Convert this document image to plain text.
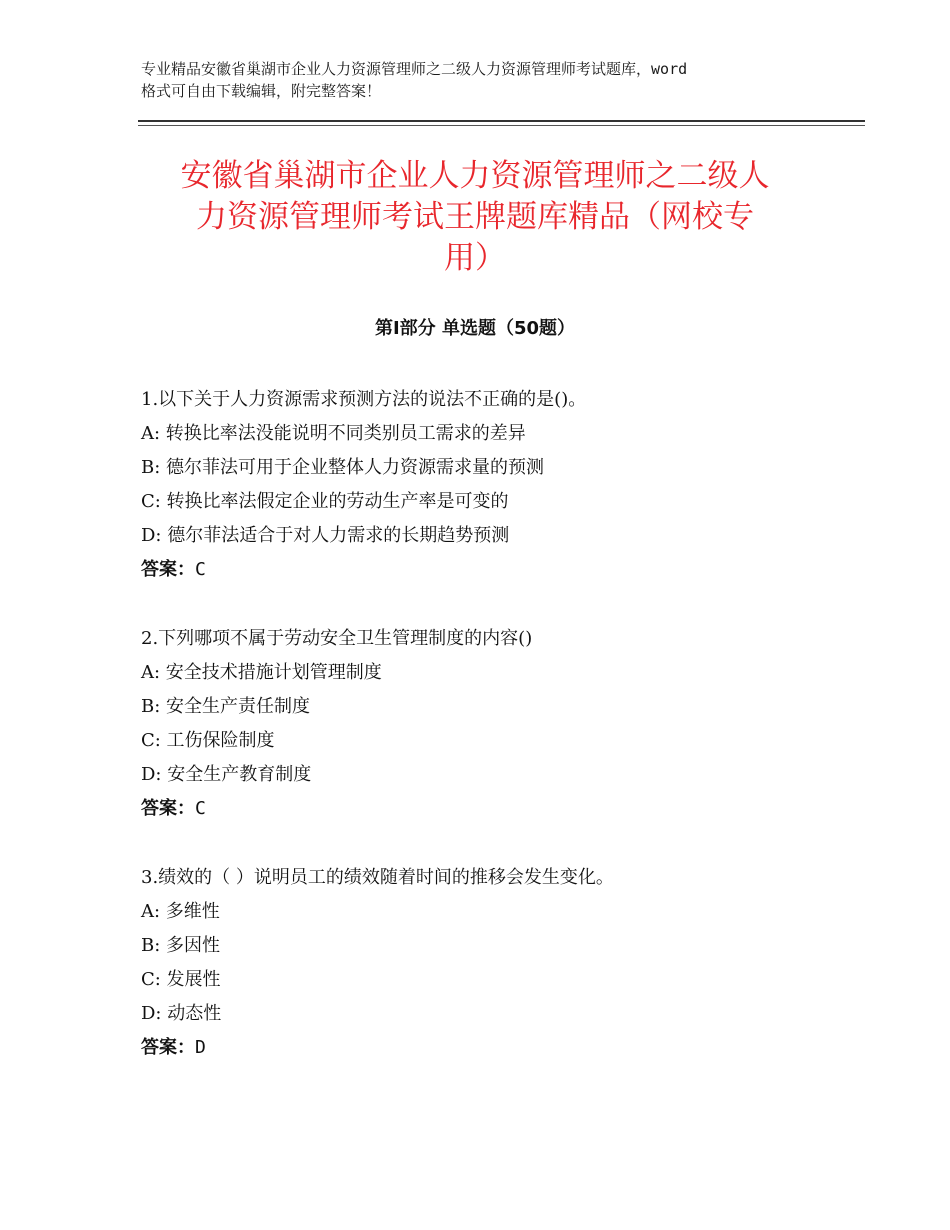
专业精品安徽省巢湖市企业人力资源管理师之二级人力资源管理师考试题库，word
格式可自由下载编辑，附完整答案！
安徽省巢湖市企业人力资源管理师之二级人
力资源管理师考试王牌题库精品（网校专
用）
第Ⅰ部分 单选题（50题）
1.以下关于人力资源需求预测方法的说法不正确的是()。
A: 转换比率法没能说明不同类别员工需求的差异
B: 德尔菲法可用于企业整体人力资源需求量的预测
C: 转换比率法假定企业的劳动生产率是可变的
D: 德尔菲法适合于对人力需求的长期趋势预测
答案：C
2.下列哪项不属于劳动安全卫生管理制度的内容()
A: 安全技术措施计划管理制度
B: 安全生产责任制度
C: 工伤保险制度
D: 安全生产教育制度
答案：C
3.绩效的（ ）说明员工的绩效随着时间的推移会发生变化。
A: 多维性
B: 多因性
C: 发展性
D: 动态性
答案：D
